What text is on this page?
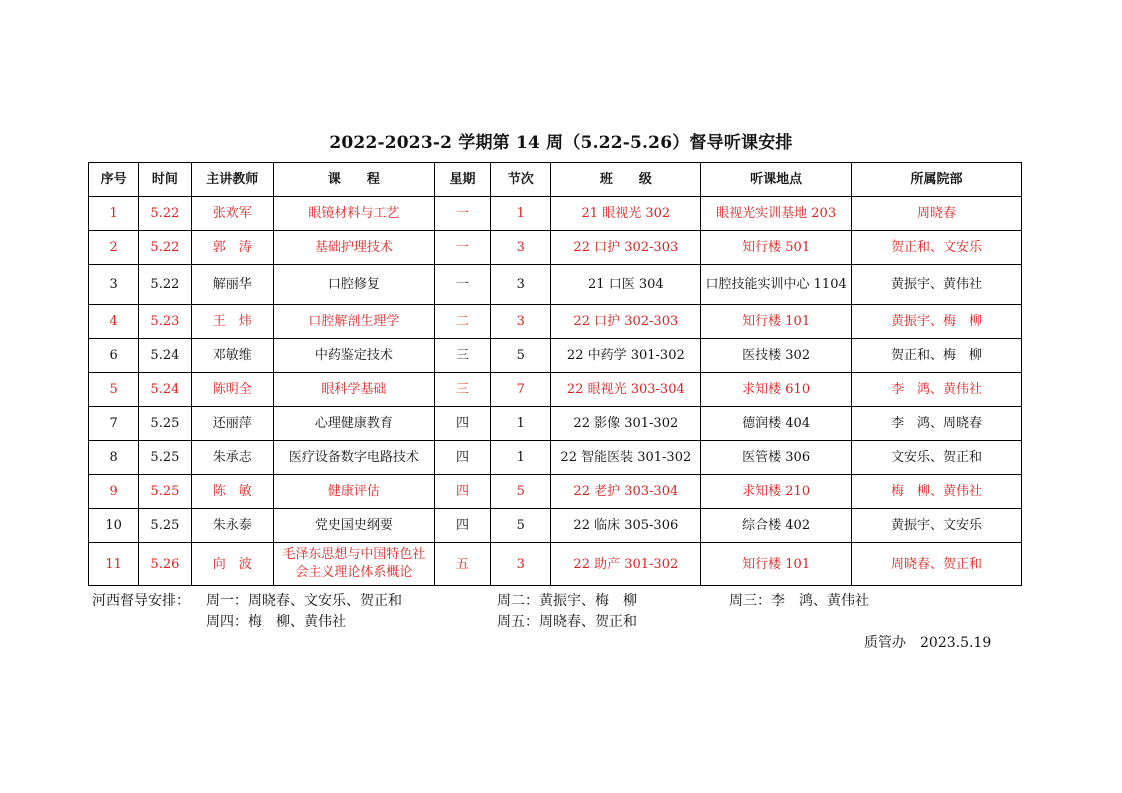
2022-2023-2 学期第 14 周（5.22-5.26）督导听课安排
序号	时间	主讲教师	课　　程	星期	节次	班　　级	听课地点	所属院部
1	5.22	张欢军	眼镜材料与工艺	一	1	21 眼视光 302	眼视光实训基地 203	周晓春
2	5.22	郭　涛	基础护理技术	一	3	22 口护 302-303	知行楼 501	贺正和、文安乐
3	5.22	解丽华	口腔修复	一	3	21 口医 304	口腔技能实训中心 1104	黄振宇、黄伟社
4	5.23	王　炜	口腔解剖生理学	二	3	22 口护 302-303	知行楼 101	黄振宇、梅　柳
6	5.24	邓敏维	中药鉴定技术	三	5	22 中药学 301-302	医技楼 302	贺正和、梅　柳
5	5.24	陈明全	眼科学基础	三	7	22 眼视光 303-304	求知楼 610	李　鸿、黄伟社
7	5.25	还丽萍	心理健康教育	四	1	22 影像 301-302	德润楼 404	李　鸿、周晓春
8	5.25	朱承志	医疗设备数字电路技术	四	1	22 智能医装 301-302	医管楼 306	文安乐、贺正和
9	5.25	陈　敏	健康评估	四	5	22 老护 303-304	求知楼 210	梅　柳、黄伟社
10	5.25	朱永泰	党史国史纲要	四	5	22 临床 305-306	综合楼 402	黄振宇、文安乐
11	5.26	向　波	毛泽东思想与中国特色社会主义理论体系概论	五	3	22 助产 301-302	知行楼 101	周晓春、贺正和
河西督导安排： 周一：周晓春、文安乐、贺正和	周二：黄振宇、梅　柳	周三：李　鸿、黄伟社
周四：梅　柳、黄伟社	周五：周晓春、贺正和
质管办　2023.5.19
